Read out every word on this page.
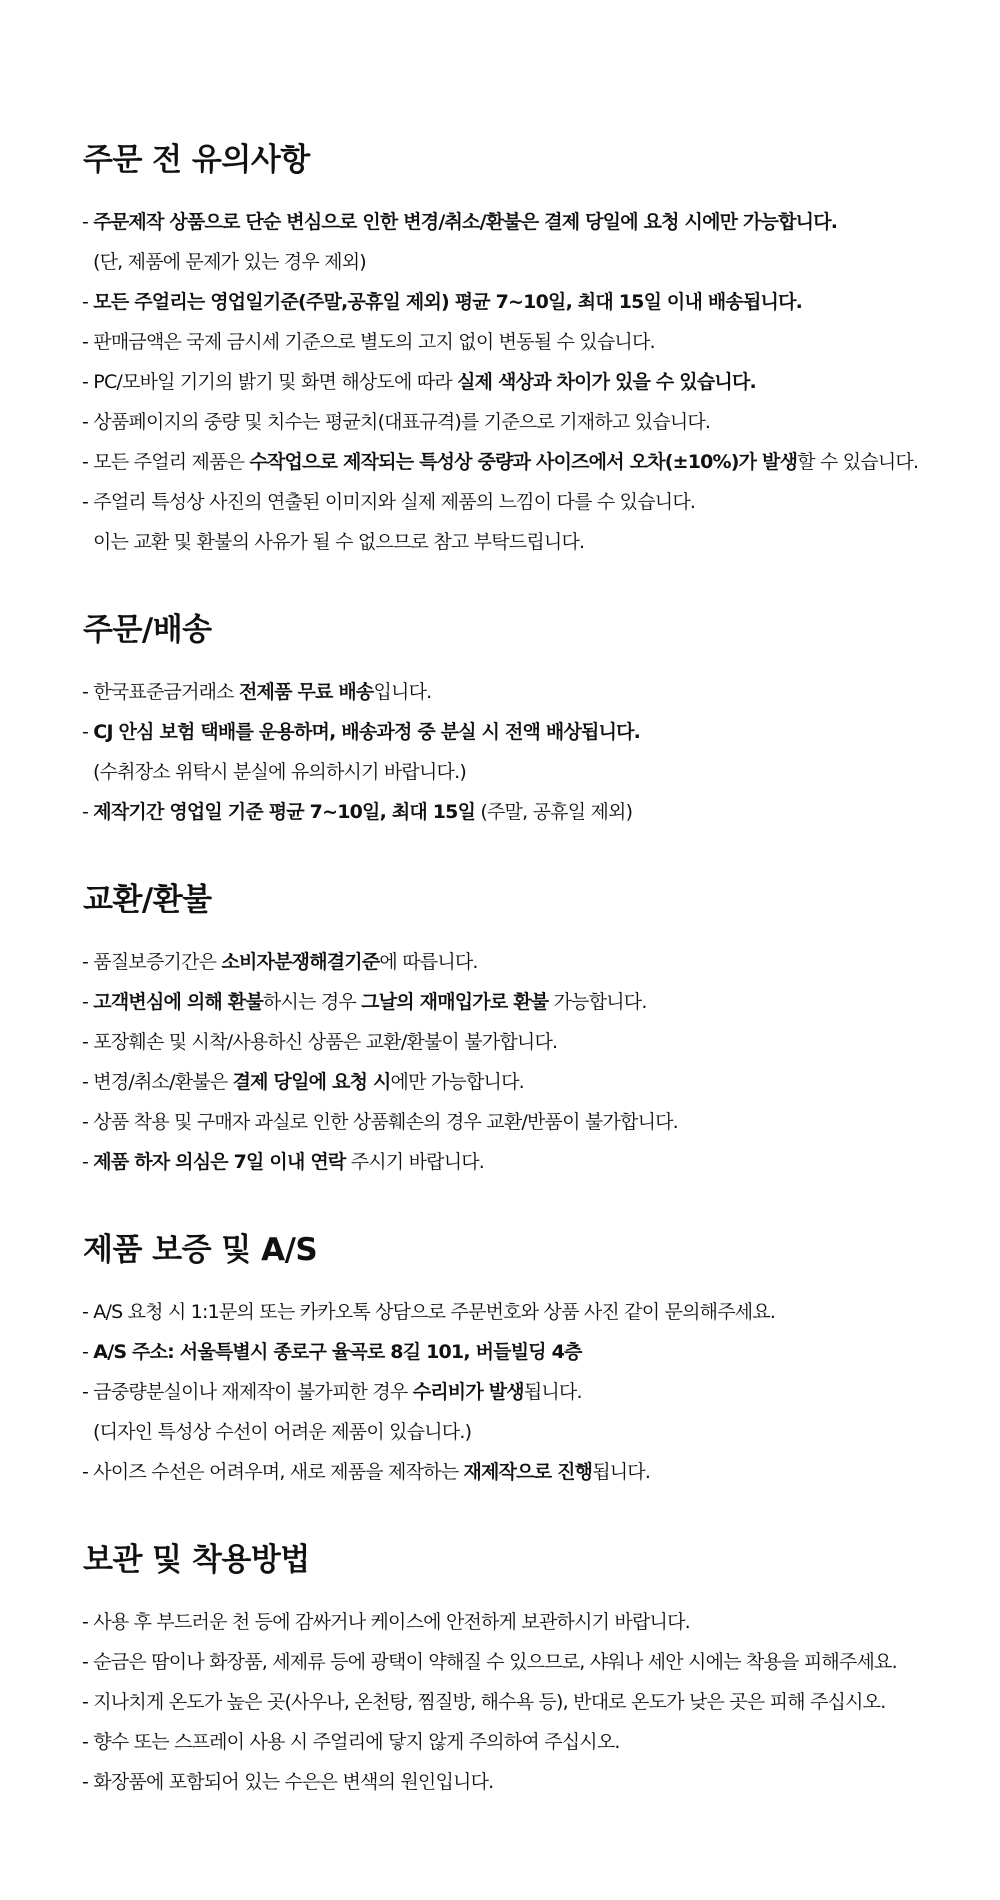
주문 전 유의사항
- 주문제작 상품으로 단순 변심으로 인한 변경/취소/환불은 결제 당일에 요청 시에만 가능합니다.
(단, 제품에 문제가 있는 경우 제외)
- 모든 주얼리는 영업일기준(주말,공휴일 제외) 평균 7~10일, 최대 15일 이내 배송됩니다.
- 판매금액은 국제 금시세 기준으로 별도의 고지 없이 변동될 수 있습니다.
- PC/모바일 기기의 밝기 및 화면 해상도에 따라 실제 색상과 차이가 있을 수 있습니다.
- 상품페이지의 중량 및 치수는 평균치(대표규격)를 기준으로 기재하고 있습니다.
- 모든 주얼리 제품은 수작업으로 제작되는 특성상 중량과 사이즈에서 오차(±10%)가 발생할 수 있습니다.
- 주얼리 특성상 사진의 연출된 이미지와 실제 제품의 느낌이 다를 수 있습니다.
이는 교환 및 환불의 사유가 될 수 없으므로 참고 부탁드립니다.
주문/배송
- 한국표준금거래소 전제품 무료 배송입니다.
- CJ 안심 보험 택배를 운용하며, 배송과정 중 분실 시 전액 배상됩니다.
(수취장소 위탁시 분실에 유의하시기 바랍니다.)
- 제작기간 영업일 기준 평균 7~10일, 최대 15일 (주말, 공휴일 제외)
교환/환불
- 품질보증기간은 소비자분쟁해결기준에 따릅니다.
- 고객변심에 의해 환불하시는 경우 그날의 재매입가로 환불 가능합니다.
- 포장훼손 및 시착/사용하신 상품은 교환/환불이 불가합니다.
- 변경/취소/환불은 결제 당일에 요청 시에만 가능합니다.
- 상품 착용 및 구매자 과실로 인한 상품훼손의 경우 교환/반품이 불가합니다.
- 제품 하자 의심은 7일 이내 연락 주시기 바랍니다.
제품 보증 및 A/S
- A/S 요청 시 1:1문의 또는 카카오톡 상담으로 주문번호와 상품 사진 같이 문의해주세요.
- A/S 주소: 서울특별시 종로구 율곡로 8길 101, 버들빌딩 4층
- 금중량분실이나 재제작이 불가피한 경우 수리비가 발생됩니다.
(디자인 특성상 수선이 어려운 제품이 있습니다.)
- 사이즈 수선은 어려우며, 새로 제품을 제작하는 재제작으로 진행됩니다.
보관 및 착용방법
- 사용 후 부드러운 천 등에 감싸거나 케이스에 안전하게 보관하시기 바랍니다.
- 순금은 땀이나 화장품, 세제류 등에 광택이 약해질 수 있으므로, 샤워나 세안 시에는 착용을 피해주세요.
- 지나치게 온도가 높은 곳(사우나, 온천탕, 찜질방, 해수욕 등), 반대로 온도가 낮은 곳은 피해 주십시오.
- 향수 또는 스프레이 사용 시 주얼리에 닿지 않게 주의하여 주십시오.
- 화장품에 포함되어 있는 수은은 변색의 원인입니다.
